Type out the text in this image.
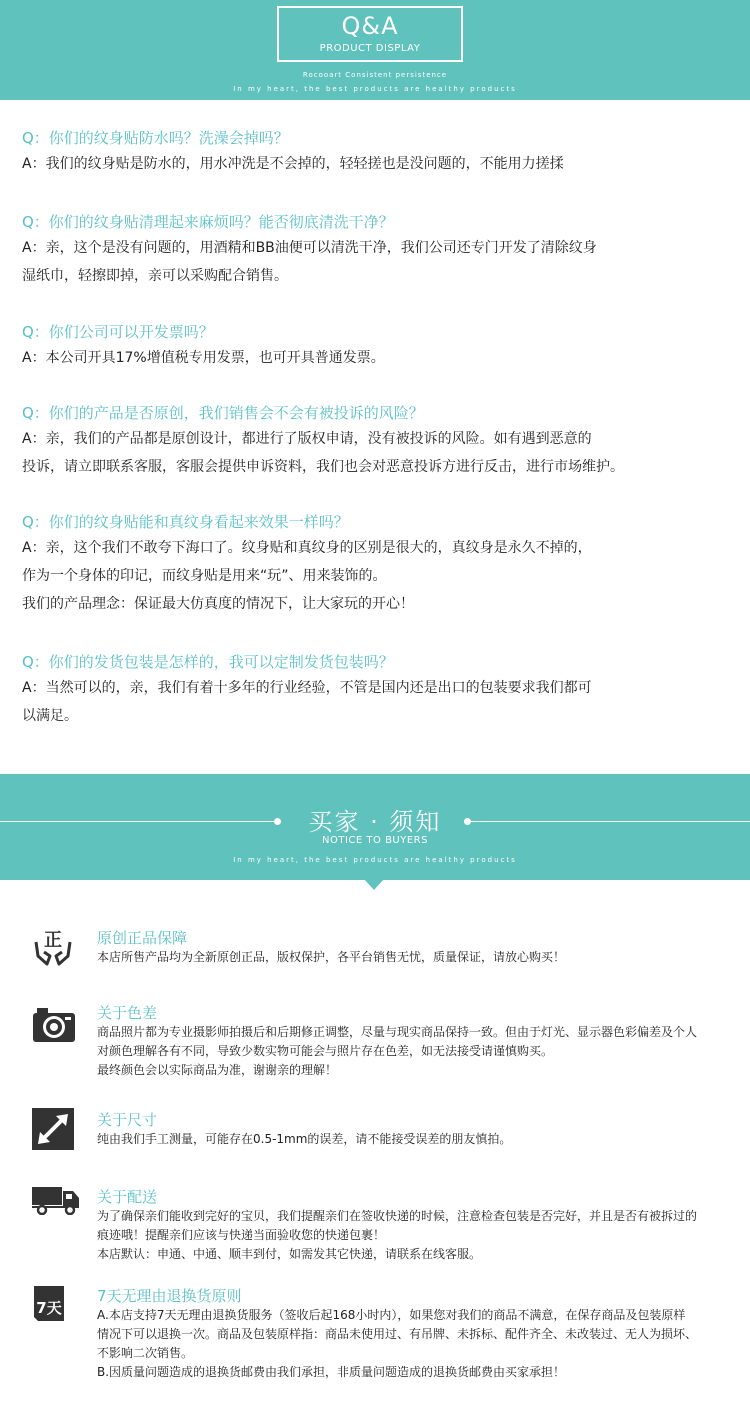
Q&A
PRODUCT DISPLAY
Rocooart Consistent persistence
In my heart, the best products are healthy products
Q：你们的纹身贴防水吗？洗澡会掉吗？
A：我们的纹身贴是防水的，用水冲洗是不会掉的，轻轻搓也是没问题的，不能用力搓揉
Q：你们的纹身贴清理起来麻烦吗？能否彻底清洗干净？
A：亲，这个是没有问题的，用酒精和BB油便可以清洗干净，我们公司还专门开发了清除纹身
湿纸巾，轻擦即掉，亲可以采购配合销售。
Q：你们公司可以开发票吗？
A：本公司开具17%增值税专用发票，也可开具普通发票。
Q：你们的产品是否原创，我们销售会不会有被投诉的风险？
A：亲，我们的产品都是原创设计，都进行了版权申请，没有被投诉的风险。如有遇到恶意的
投诉，请立即联系客服，客服会提供申诉资料，我们也会对恶意投诉方进行反击，进行市场维护。
Q：你们的纹身贴能和真纹身看起来效果一样吗？
A：亲，这个我们不敢夸下海口了。纹身贴和真纹身的区别是很大的，真纹身是永久不掉的，
作为一个身体的印记，而纹身贴是用来“玩”、用来装饰的。
我们的产品理念：保证最大仿真度的情况下，让大家玩的开心！
Q：你们的发货包装是怎样的，我可以定制发货包装吗？
A：当然可以的，亲，我们有着十多年的行业经验，不管是国内还是出口的包装要求我们都可
以满足。
买家 · 须知
NOTICE TO BUYERS
In my heart, the best products are healthy products
正 原创正品保障
本店所售产品均为全新原创正品，版权保护，各平台销售无忧，质量保证，请放心购买！
关于色差
商品照片都为专业摄影师拍摄后和后期修正调整，尽量与现实商品保持一致。但由于灯光、显示器色彩偏差及个人
对颜色理解各有不同，导致少数实物可能会与照片存在色差，如无法接受请谨慎购买。
最终颜色会以实际商品为准，谢谢亲的理解！
关于尺寸
纯由我们手工测量，可能存在0.5-1mm的误差，请不能接受误差的朋友慎拍。
关于配送
为了确保亲们能收到完好的宝贝，我们提醒亲们在签收快递的时候，注意检查包装是否完好，并且是否有被拆过的
痕迹哦！提醒亲们应该与快递当面验收您的快递包裹！
本店默认：申通、中通、顺丰到付，如需发其它快递，请联系在线客服。
7天
7天无理由退换货原则
A.本店支持7天无理由退换货服务（签收后起168小时内），如果您对我们的商品不满意，在保存商品及包装原样
情况下可以退换一次。商品及包装原样指：商品未使用过、有吊牌、未拆标、配件齐全、未改装过、无人为损坏、
不影响二次销售。
B.因质量问题造成的退换货邮费由我们承担，非质量问题造成的退换货邮费由买家承担！
